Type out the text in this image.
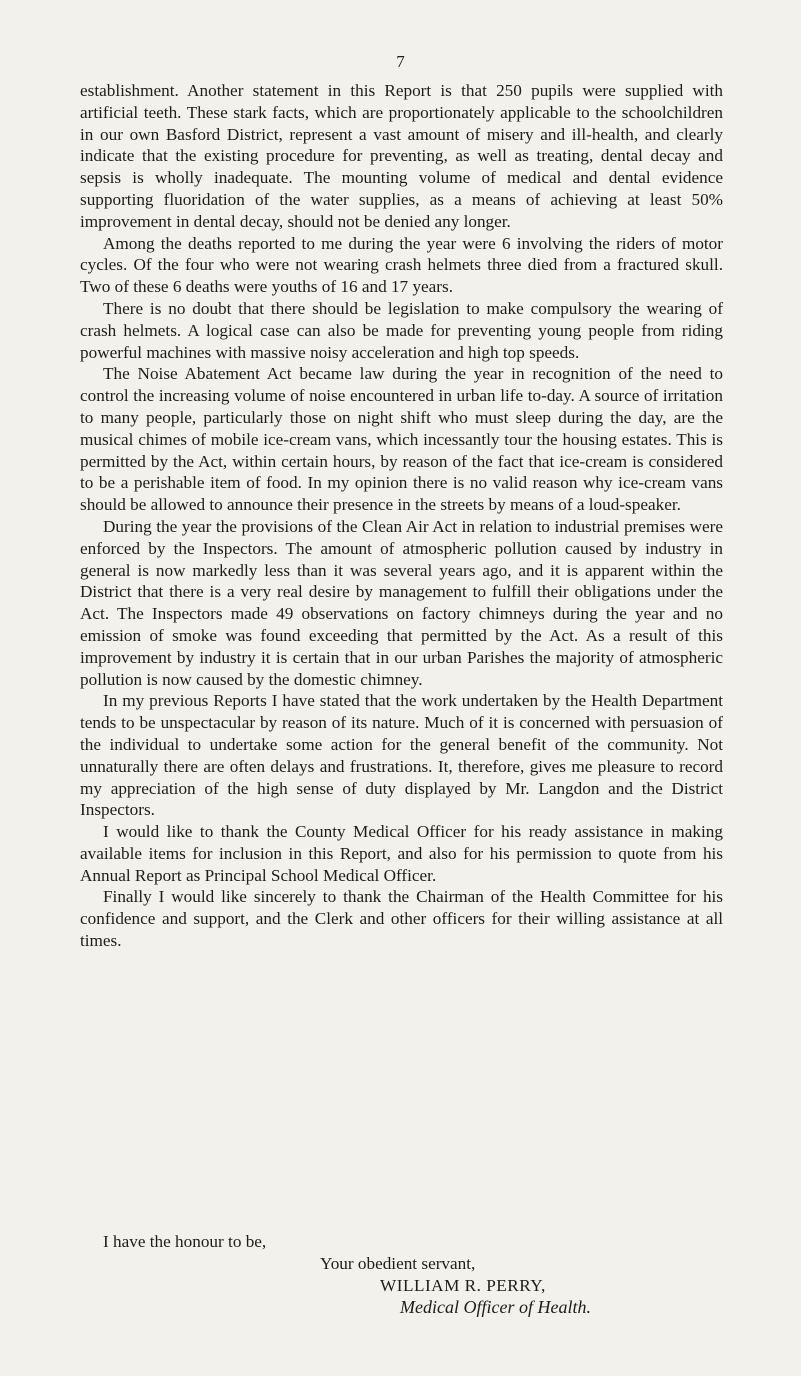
7

establishment. Another statement in this Report is that 250 pupils were supplied with artificial teeth. These stark facts, which are proportionately applicable to the schoolchildren in our own Basford District, represent a vast amount of misery and ill-health, and clearly indicate that the existing procedure for preventing, as well as treating, dental decay and sepsis is wholly inadequate. The mounting volume of medical and dental evidence supporting fluoridation of the water supplies, as a means of achieving at least 50% improvement in dental decay, should not be denied any longer.

Among the deaths reported to me during the year were 6 involving the riders of motor cycles. Of the four who were not wearing crash helmets three died from a fractured skull. Two of these 6 deaths were youths of 16 and 17 years.

There is no doubt that there should be legislation to make compulsory the wearing of crash helmets. A logical case can also be made for preventing young people from riding powerful machines with massive noisy acceleration and high top speeds.

The Noise Abatement Act became law during the year in recognition of the need to control the increasing volume of noise encountered in urban life to-day. A source of irritation to many people, particularly those on night shift who must sleep during the day, are the musical chimes of mobile ice-cream vans, which incessantly tour the housing estates. This is permitted by the Act, within certain hours, by reason of the fact that ice-cream is considered to be a perishable item of food. In my opinion there is no valid reason why ice-cream vans should be allowed to announce their presence in the streets by means of a loud-speaker.

During the year the provisions of the Clean Air Act in relation to industrial premises were enforced by the Inspectors. The amount of atmospheric pollution caused by industry in general is now markedly less than it was several years ago, and it is apparent within the District that there is a very real desire by management to fulfill their obligations under the Act. The Inspectors made 49 observations on factory chimneys during the year and no emission of smoke was found exceeding that permitted by the Act. As a result of this improvement by industry it is certain that in our urban Parishes the majority of atmospheric pollution is now caused by the domestic chimney.

In my previous Reports I have stated that the work undertaken by the Health Department tends to be unspectacular by reason of its nature. Much of it is concerned with persuasion of the individual to undertake some action for the general benefit of the community. Not unnaturally there are often delays and frustrations. It, therefore, gives me pleasure to record my appreciation of the high sense of duty displayed by Mr. Langdon and the District Inspectors.

I would like to thank the County Medical Officer for his ready assistance in making available items for inclusion in this Report, and also for his permission to quote from his Annual Report as Principal School Medical Officer.

Finally I would like sincerely to thank the Chairman of the Health Committee for his confidence and support, and the Clerk and other officers for their willing assistance at all times.

I have the honour to be,
Your obedient servant,
WILLIAM R. PERRY,
Medical Officer of Health.
